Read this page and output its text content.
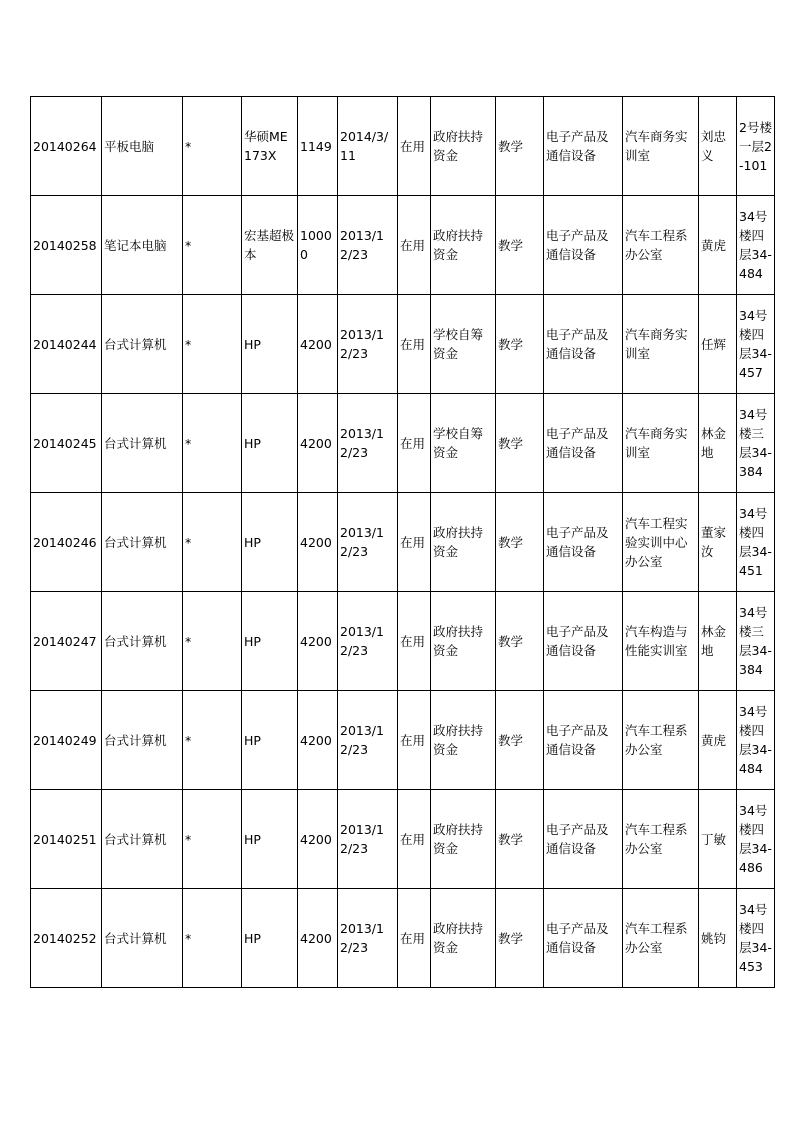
20140264	平板电脑	*	华硕ME173X	1149	2014/3/11	在用	政府扶持资金	教学	电子产品及通信设备	汽车商务实训室	刘忠义	2号楼一层2-101
20140258	笔记本电脑	*	宏基超极本	10000	2013/12/23	在用	政府扶持资金	教学	电子产品及通信设备	汽车工程系办公室	黄虎	34号楼四层34-484
20140244	台式计算机	*	HP	4200	2013/12/23	在用	学校自筹资金	教学	电子产品及通信设备	汽车商务实训室	任辉	34号楼四层34-457
20140245	台式计算机	*	HP	4200	2013/12/23	在用	学校自筹资金	教学	电子产品及通信设备	汽车商务实训室	林金地	34号楼三层34-384
20140246	台式计算机	*	HP	4200	2013/12/23	在用	政府扶持资金	教学	电子产品及通信设备	汽车工程实验实训中心办公室	董家汝	34号楼四层34-451
20140247	台式计算机	*	HP	4200	2013/12/23	在用	政府扶持资金	教学	电子产品及通信设备	汽车构造与性能实训室	林金地	34号楼三层34-384
20140249	台式计算机	*	HP	4200	2013/12/23	在用	政府扶持资金	教学	电子产品及通信设备	汽车工程系办公室	黄虎	34号楼四层34-484
20140251	台式计算机	*	HP	4200	2013/12/23	在用	政府扶持资金	教学	电子产品及通信设备	汽车工程系办公室	丁敏	34号楼四层34-486
20140252	台式计算机	*	HP	4200	2013/12/23	在用	政府扶持资金	教学	电子产品及通信设备	汽车工程系办公室	姚钧	34号楼四层34-453
